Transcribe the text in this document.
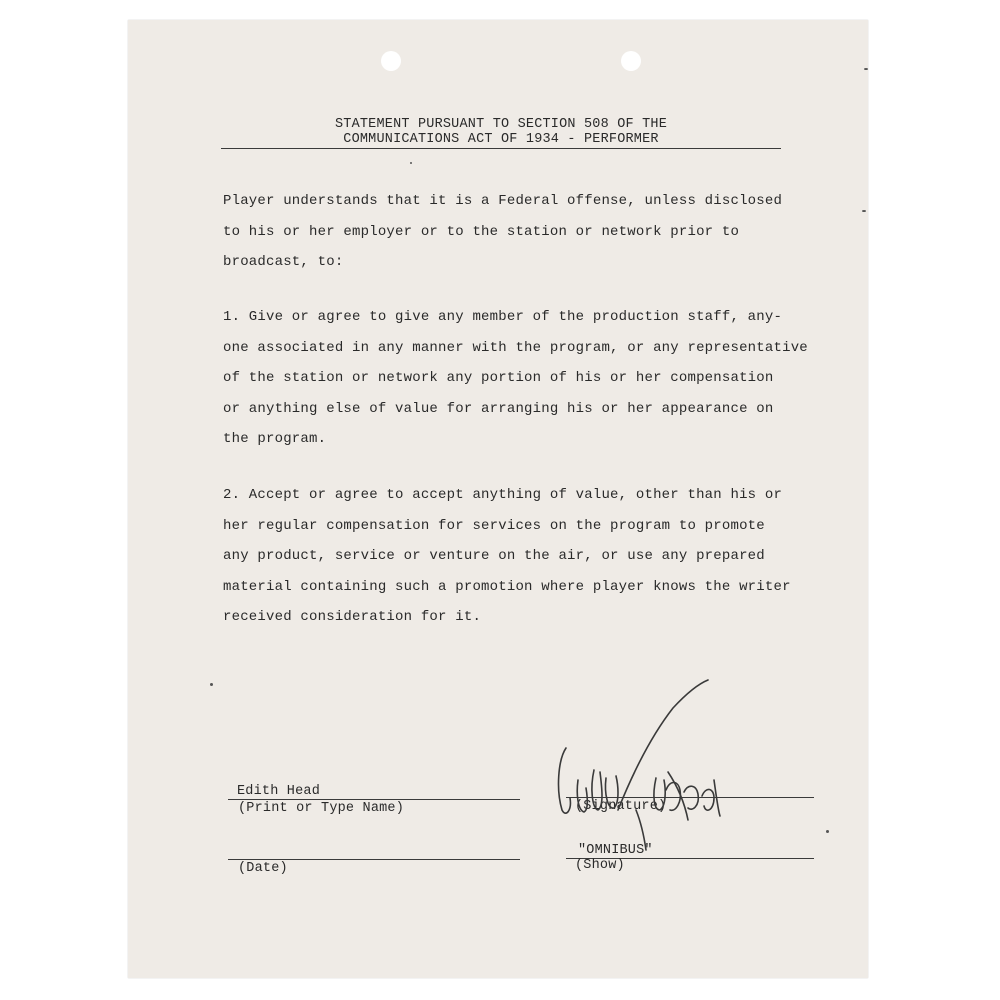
STATEMENT PURSUANT TO SECTION 508 OF THE
COMMUNICATIONS ACT OF 1934 - PERFORMER
Player understands that it is a Federal offense, unless disclosed
to his or her employer or to the station or network prior to
broadcast, to:
1. Give or agree to give any member of the production staff, any-
one associated in any manner with the program, or any representative
of the station or network any portion of his or her compensation
or anything else of value for arranging his or her appearance on
the program.
2. Accept or agree to accept anything of value, other than his or
her regular compensation for services on the program to promote
any product, service or venture on the air, or use any prepared
material containing such a promotion where player knows the writer
received consideration for it.
Edith Head
(Print or Type Name)	(Signature)
(Date)
"OMNIBUS"
(Show)
